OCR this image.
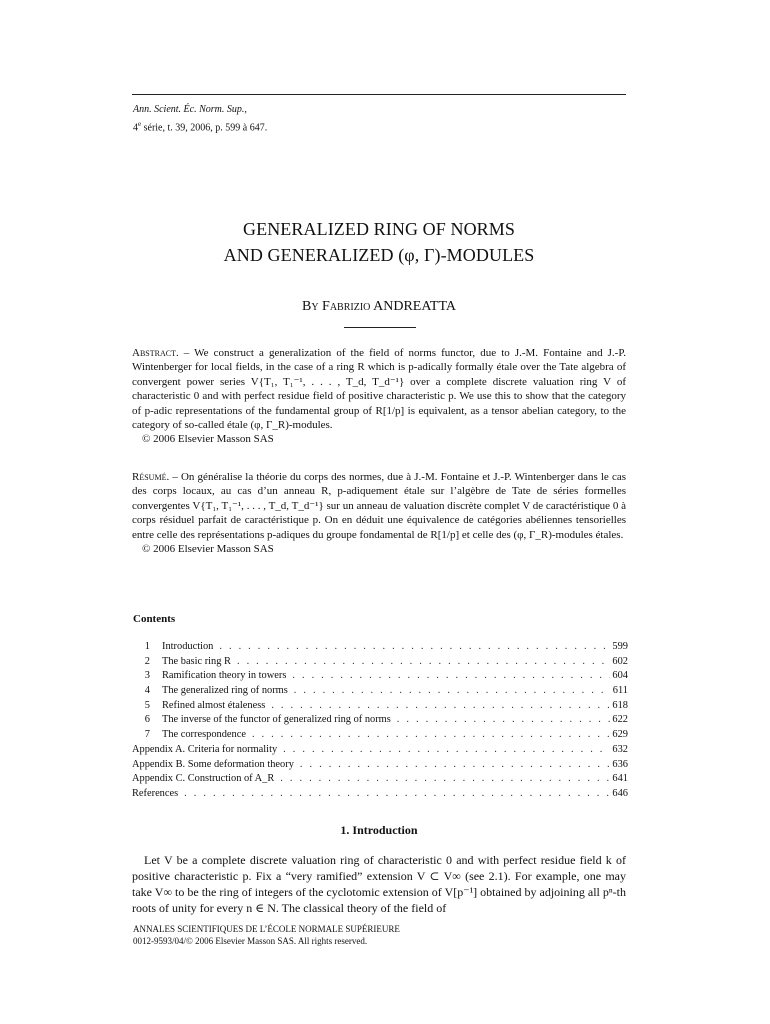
Ann. Scient. Éc. Norm. Sup.,
4e série, t. 39, 2006, p. 599 à 647.
GENERALIZED RING OF NORMS
AND GENERALIZED (φ, Γ)-MODULES
By Fabrizio ANDREATTA
Abstract. – We construct a generalization of the field of norms functor, due to J.-M. Fontaine and J.-P. Wintenberger for local fields, in the case of a ring R which is p-adically formally étale over the Tate algebra of convergent power series V{T₁, T₁⁻¹, . . . , T_d, T_d⁻¹} over a complete discrete valuation ring V of characteristic 0 and with perfect residue field of positive characteristic p. We use this to show that the category of p-adic representations of the fundamental group of R[1/p] is equivalent, as a tensor abelian category, to the category of so-called étale (φ, Γ_R)-modules.
© 2006 Elsevier Masson SAS
Résumé. – On généralise la théorie du corps des normes, due à J.-M. Fontaine et J.-P. Wintenberger dans le cas des corps locaux, au cas d’un anneau R, p-adiquement étale sur l’algèbre de Tate de séries formelles convergentes V{T₁, T₁⁻¹, . . . , T_d, T_d⁻¹} sur un anneau de valuation discrète complet V de caractéristique 0 à corps résiduel parfait de caractéristique p. On en déduit une équivalence de catégories abéliennes tensorielles entre celle des représentations p-adiques du groupe fondamental de R[1/p] et celle des (φ, Γ_R)-modules étales.
© 2006 Elsevier Masson SAS
Contents
1 Introduction . . .	599
2 The basic ring R . . .	602
3 Ramification theory in towers . . .	604
4 The generalized ring of norms . . .	611
5 Refined almost étaleness . . .	618
6 The inverse of the functor of generalized ring of norms . . .	622
7 The correspondence . . .	629
Appendix A. Criteria for normality . . .	632
Appendix B. Some deformation theory . . .	636
Appendix C. Construction of A_R . . .	641
References . . .	646
1. Introduction
Let V be a complete discrete valuation ring of characteristic 0 and with perfect residue field k of positive characteristic p. Fix a “very ramified” extension V ⊂ V∞ (see 2.1). For example, one may take V∞ to be the ring of integers of the cyclotomic extension of V[p⁻¹] obtained by adjoining all pⁿ-th roots of unity for every n ∈ N. The classical theory of the field of
ANNALES SCIENTIFIQUES DE L’ÉCOLE NORMALE SUPÉRIEURE
0012-9593/04/© 2006 Elsevier Masson SAS. All rights reserved.
